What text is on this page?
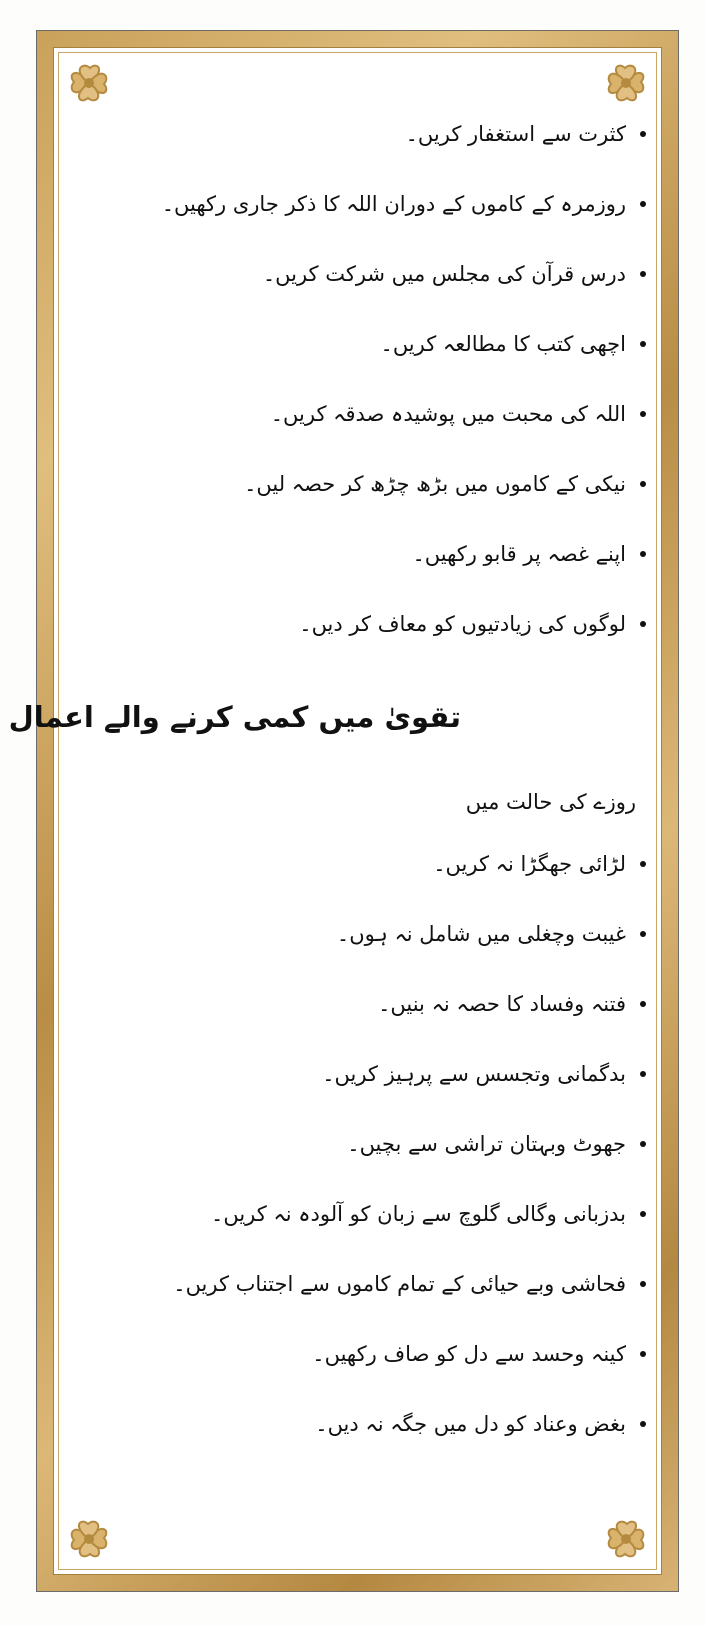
کثرت سے استغفار کریں۔
روزمرہ کے کاموں کے دوران اللہ کا ذکر جاری رکھیں۔
درس قرآن کی مجلس میں شرکت کریں۔
اچھی کتب کا مطالعہ کریں۔
اللہ کی محبت میں پوشیدہ صدقہ کریں۔
نیکی کے کاموں میں بڑھ چڑھ کر حصہ لیں۔
اپنے غصہ پر قابو رکھیں۔
لوگوں کی زیادتیوں کو معاف کر دیں۔
تقویٰ میں کمی کرنے والے اعمال
روزے کی حالت میں
لڑائی جھگڑا نہ کریں۔
غیبت وچغلی میں شامل نہ ہوں۔
فتنہ وفساد کا حصہ نہ بنیں۔
بدگمانی وتجسس سے پرہیز کریں۔
جھوٹ وبہتان تراشی سے بچیں۔
بدزبانی وگالی گلوچ سے زبان کو آلودہ نہ کریں۔
فحاشی وبے حیائی کے تمام کاموں سے اجتناب کریں۔
کینہ وحسد سے دل کو صاف رکھیں۔
بغض وعناد کو دل میں جگہ نہ دیں۔
